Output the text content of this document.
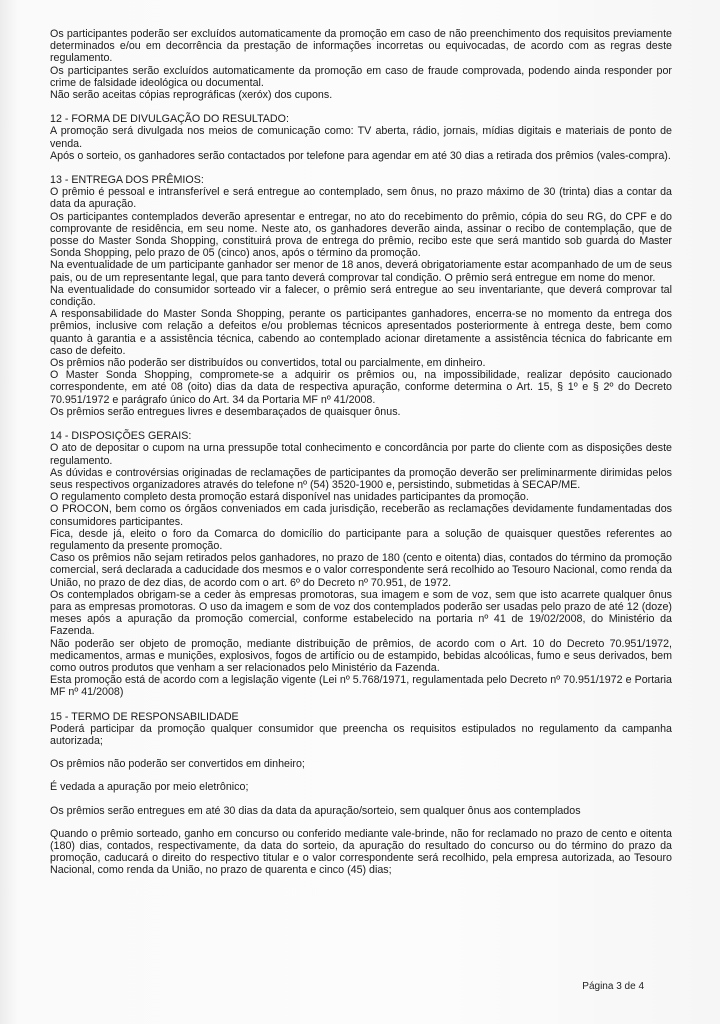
Os participantes poderão ser excluídos automaticamente da promoção em caso de não preenchimento dos requisitos previamente determinados e/ou em decorrência da prestação de informações incorretas ou equivocadas, de acordo com as regras deste regulamento.

Os participantes serão excluídos automaticamente da promoção em caso de fraude comprovada, podendo ainda responder por crime de falsidade ideológica ou documental.

Não serão aceitas cópias reprográficas (xeróx) dos cupons.

12 - FORMA DE DIVULGAÇÃO DO RESULTADO:

A promoção será divulgada nos meios de comunicação como: TV aberta, rádio, jornais, mídias digitais e materiais de ponto de venda.

Após o sorteio, os ganhadores serão contactados por telefone para agendar em até 30 dias a retirada dos prêmios (vales-compra).

13 - ENTREGA DOS PRÊMIOS:

O prêmio é pessoal e intransferível e será entregue ao contemplado, sem ônus, no prazo máximo de 30 (trinta) dias a contar da data da apuração.

Os participantes contemplados deverão apresentar e entregar, no ato do recebimento do prêmio, cópia do seu RG, do CPF e do comprovante de residência, em seu nome. Neste ato, os ganhadores deverão ainda, assinar o recibo de contemplação, que de posse do Master Sonda Shopping, constituirá prova de entrega do prêmio, recibo este que será mantido sob guarda do Master Sonda Shopping, pelo prazo de 05 (cinco) anos, após o término da promoção.

Na eventualidade de um participante ganhador ser menor de 18 anos, deverá obrigatoriamente estar acompanhado de um de seus pais, ou de um representante legal, que para tanto deverá comprovar tal condição. O prêmio será entregue em nome do menor.

Na eventualidade do consumidor sorteado vir a falecer, o prêmio será entregue ao seu inventariante, que deverá comprovar tal condição.

A responsabilidade do Master Sonda Shopping, perante os participantes ganhadores, encerra-se no momento da entrega dos prêmios, inclusive com relação a defeitos e/ou problemas técnicos apresentados posteriormente à entrega deste, bem como quanto à garantia e a assistência técnica, cabendo ao contemplado acionar diretamente a assistência técnica do fabricante em caso de defeito.

Os prêmios não poderão ser distribuídos ou convertidos, total ou parcialmente, em dinheiro.

O Master Sonda Shopping, compromete-se a adquirir os prêmios ou, na impossibilidade, realizar depósito caucionado correspondente, em até 08 (oito) dias da data de respectiva apuração, conforme determina o Art. 15, § 1º e § 2º do Decreto 70.951/1972 e parágrafo único do Art. 34 da Portaria MF nº 41/2008.

Os prêmios serão entregues livres e desembaraçados de quaisquer ônus.

14 - DISPOSIÇÕES GERAIS:

O ato de depositar o cupom na urna pressupõe total conhecimento e concordância por parte do cliente com as disposições deste regulamento.

As dúvidas e controvérsias originadas de reclamações de participantes da promoção deverão ser preliminarmente dirimidas pelos seus respectivos organizadores através do telefone nº (54) 3520-1900 e, persistindo, submetidas à SECAP/ME.

O regulamento completo desta promoção estará disponível nas unidades participantes da promoção.

O PROCON, bem como os órgãos conveniados em cada jurisdição, receberão as reclamações devidamente fundamentadas dos consumidores participantes.

Fica, desde já, eleito o foro da Comarca do domicílio do participante para a solução de quaisquer questões referentes ao regulamento da presente promoção.

Caso os prêmios não sejam retirados pelos ganhadores, no prazo de 180 (cento e oitenta) dias, contados do término da promoção comercial, será declarada a caducidade dos mesmos e o valor correspondente será recolhido ao Tesouro Nacional, como renda da União, no prazo de dez dias, de acordo com o art. 6º do Decreto nº 70.951, de 1972.

Os contemplados obrigam-se a ceder às empresas promotoras, sua imagem e som de voz, sem que isto acarrete qualquer ônus para as empresas promotoras. O uso da imagem e som de voz dos contemplados poderão ser usadas pelo prazo de até 12 (doze) meses após a apuração da promoção comercial, conforme estabelecido na portaria nº 41 de 19/02/2008, do Ministério da Fazenda.

Não poderão ser objeto de promoção, mediante distribuição de prêmios, de acordo com o Art. 10 do Decreto 70.951/1972, medicamentos, armas e munições, explosivos, fogos de artifício ou de estampido, bebidas alcoólicas, fumo e seus derivados, bem como outros produtos que venham a ser relacionados pelo Ministério da Fazenda.

Esta promoção está de acordo com a legislação vigente (Lei nº 5.768/1971, regulamentada pelo Decreto nº 70.951/1972 e Portaria MF nº 41/2008)

15 - TERMO DE RESPONSABILIDADE

Poderá participar da promoção qualquer consumidor que preencha os requisitos estipulados no regulamento da campanha autorizada;

Os prêmios não poderão ser convertidos em dinheiro;

É vedada a apuração por meio eletrônico;

Os prêmios serão entregues em até 30 dias da data da apuração/sorteio, sem qualquer ônus aos contemplados

Quando o prêmio sorteado, ganho em concurso ou conferido mediante vale-brinde, não for reclamado no prazo de cento e oitenta (180) dias, contados, respectivamente, da data do sorteio, da apuração do resultado do concurso ou do término do prazo da promoção, caducará o direito do respectivo titular e o valor correspondente será recolhido, pela empresa autorizada, ao Tesouro Nacional, como renda da União, no prazo de quarenta e cinco (45) dias;

Página 3 de 4
